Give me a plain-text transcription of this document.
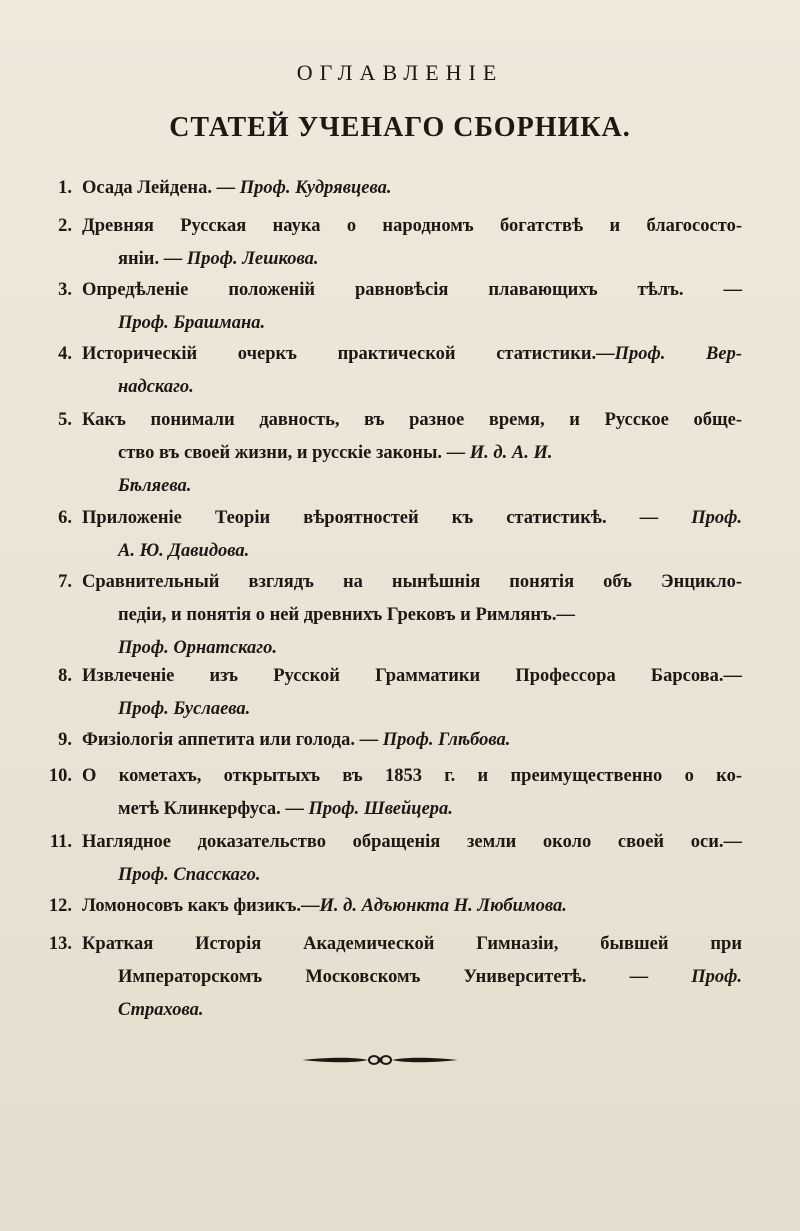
ОГЛАВЛЕНІЕ
СТАТЕЙ УЧЕНАГО СБОРНИКА.
1. Осада Лейдена. — Проф. Кудрявцева.
2. Древняя Русская наука о народномъ богатствѣ и благососто-
яніи. — Проф. Лешкова.
3. Опредѣленіе положеній равновѣсія плавающихъ тѣлъ. —
Проф. Брашмана.
4. Историческій очеркъ практической статистики.—Проф. Вер-
надскаго.
5. Какъ понимали давность, въ разное время, и Русское обще-
ство въ своей жизни, и русскіе законы. — И. д. А. И.
Бѣляева.
6. Приложеніе Теоріи вѣроятностей къ статистикѣ. — Проф.
А. Ю. Давидова.
7. Сравнительный взглядъ на нынѣшнія понятія объ Энцикло-
педіи, и понятія о ней древнихъ Грековъ и Римлянъ.—
Проф. Орнатскаго.
8. Извлеченіе изъ Русской Грамматики Профессора Барсова.—
Проф. Буслаева.
9. Физіологія аппетита или голода. — Проф. Глѣбова.
10. О кометахъ, открытыхъ въ 1853 г. и преимущественно о ко-
метѣ Клинкерфуса. — Проф. Швейцера.
11. Наглядное доказательство обращенія земли около своей оси.—
Проф. Спасскаго.
12. Ломоносовъ какъ физикъ.—И. д. Адъюнкта Н. Любимова.
13. Краткая Исторія Академической Гимназіи, бывшей при
Императорскомъ Московскомъ Университетѣ. — Проф.
Страхова.
